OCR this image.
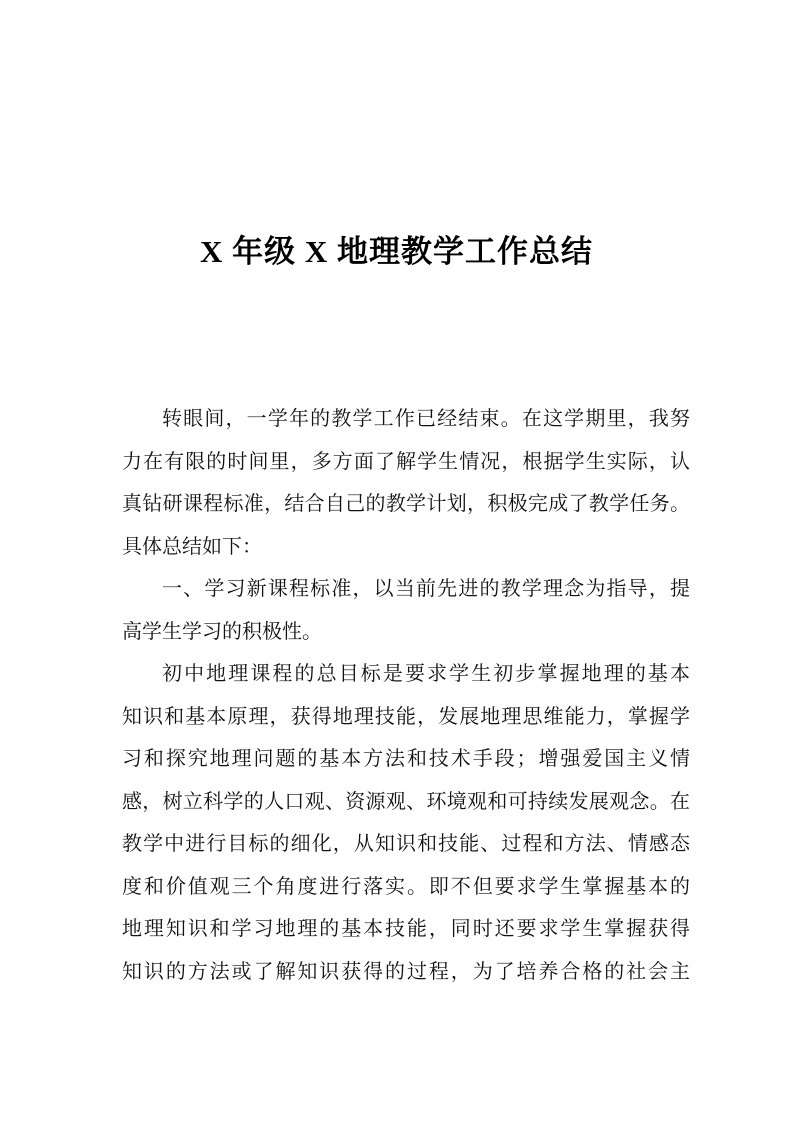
X 年级 X 地理教学工作总结
转眼间，一学年的教学工作已经结束。在这学期里，我努
力在有限的时间里，多方面了解学生情况，根据学生实际，认
真钻研课程标准，结合自己的教学计划，积极完成了教学任务。
具体总结如下：
一、学习新课程标准，以当前先进的教学理念为指导，提
高学生学习的积极性。
初中地理课程的总目标是要求学生初步掌握地理的基本
知识和基本原理，获得地理技能，发展地理思维能力，掌握学
习和探究地理问题的基本方法和技术手段；增强爱国主义情
感，树立科学的人口观、资源观、环境观和可持续发展观念。在
教学中进行目标的细化，从知识和技能、过程和方法、情感态
度和价值观三个角度进行落实。即不但要求学生掌握基本的
地理知识和学习地理的基本技能，同时还要求学生掌握获得
知识的方法或了解知识获得的过程，为了培养合格的社会主
